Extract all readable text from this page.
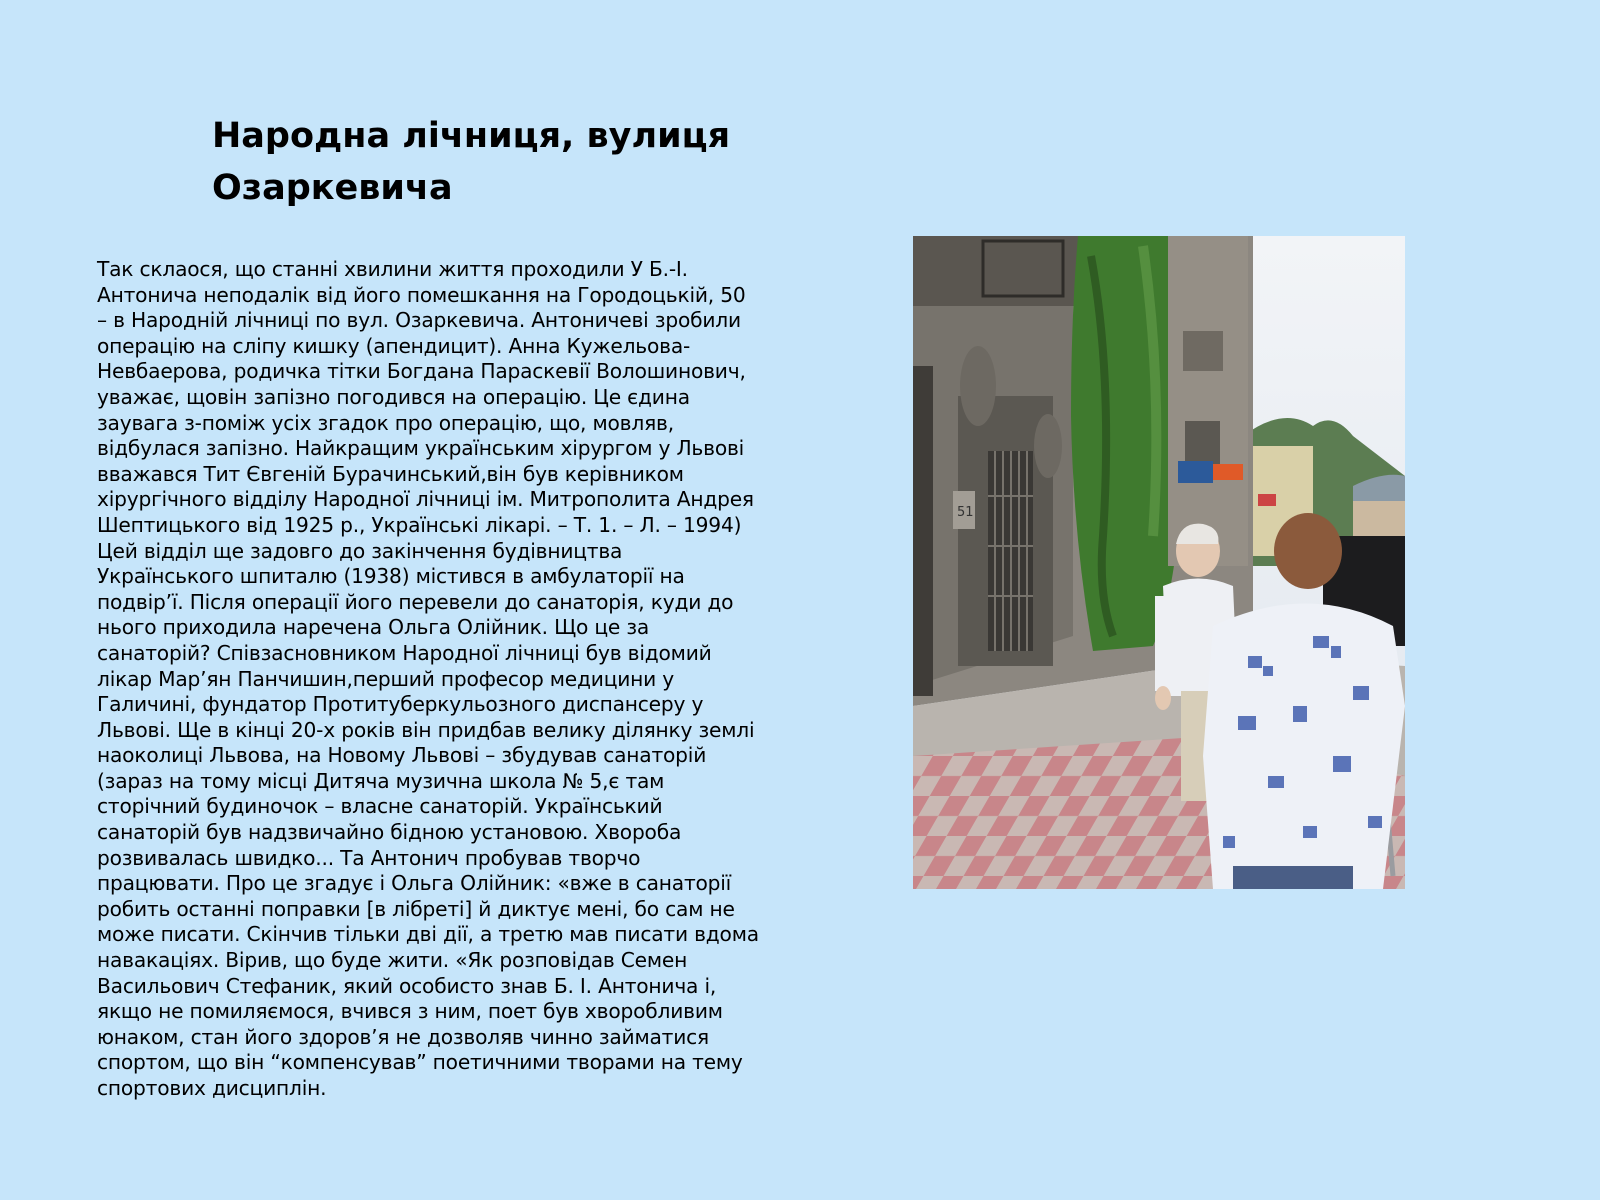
Народна лічниця, вулиця Озаркевича
Так склаося, що станні хвилини життя проходили У Б.-І.
Антонича неподалік від його помешкання на Городоцькій, 50
– в Народній лічниці по вул. Озаркевича. Антоничеві зробили
операцію на сліпу кишку (апендицит). Анна Кужельова-
Невбаерова, родичка тітки Богдана Параскевії Волошинович,
уважає, щовін запізно погодився на операцію. Це єдина
заувага з-поміж усіх згадок про операцію, що, мовляв,
відбулася запізно. Найкращим українським хірургом у Львові
вважався Тит Євгеній Бурачинський,він був керівником
хірургічного відділу Народної лічниці ім. Митрополита Андрея
Шептицького від 1925 р., Українські лікарі. – Т. 1. – Л. – 1994)
Цей відділ ще задовго до закінчення будівництва
Українського шпиталю (1938) містився в амбулаторії на
подвір’ї. Після операції його перевели до санаторія, куди до
нього приходила наречена Ольга Олійник. Що це за
санаторій? Співзасновником Народної лічниці був відомий
лікар Мар’ян Панчишин,перший професор медицини у
Галичині, фундатор Протитуберкульозного диспансеру у
Львові. Ще в кінці 20-х років він придбав велику ділянку землі
наоколиці Львова, на Новому Львові – збудував санаторій
(зараз на тому місці Дитяча музична школа № 5,є там
сторічний будиночок – власне санаторій. Український
санаторій був надзвичайно бідною установою. Хвороба
розвивалась швидко... Та Антонич пробував творчо
працювати. Про це згадує і Ольга Олійник: «вже в санаторії
робить останні поправки [в лібреті] й диктує мені, бо сам не
може писати. Скінчив тільки дві дії, а третю мав писати вдома
навакаціях. Вірив, що буде жити. «Як розповідав Семен
Васильович Стефаник, який особисто знав Б. І. Антонича і,
якщо не помиляємося, вчився з ним, поет був хворобливим
юнаком, стан його здоров’я не дозволяв чинно займатися
спортом, що він “компенсував” поетичними творами на тему
спортових дисциплін.
51
